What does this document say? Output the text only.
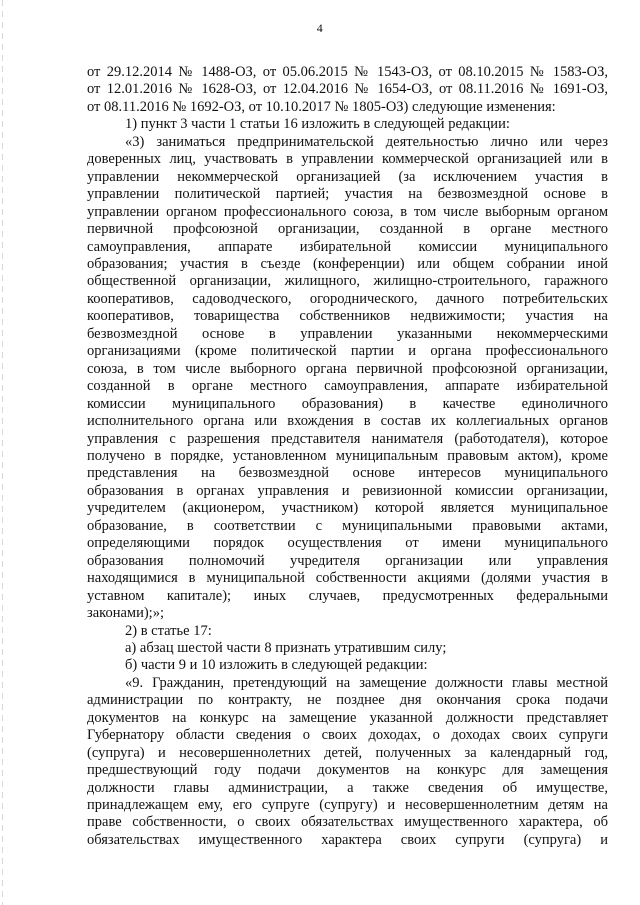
4

от 29.12.2014 № 1488-ОЗ, от 05.06.2015 № 1543-ОЗ, от 08.10.2015 № 1583-ОЗ,
от 12.01.2016 № 1628-ОЗ, от 12.04.2016 № 1654-ОЗ, от 08.11.2016 № 1691-ОЗ,
от 08.11.2016 № 1692-ОЗ, от 10.10.2017 № 1805-ОЗ) следующие изменения:

1) пункт 3 части 1 статьи 16 изложить в следующей редакции:

«3) заниматься предпринимательской деятельностью лично или через
доверенных лиц, участвовать в управлении коммерческой организацией или в
управлении некоммерческой организацией (за исключением участия в
управлении политической партией; участия на безвозмездной основе в
управлении органом профессионального союза, в том числе выборным органом
первичной профсоюзной организации, созданной в органе местного
самоуправления, аппарате избирательной комиссии муниципального
образования; участия в съезде (конференции) или общем собрании иной
общественной организации, жилищного, жилищно-строительного, гаражного
кооперативов, садоводческого, огороднического, дачного потребительских
кооперативов, товарищества собственников недвижимости; участия на
безвозмездной основе в управлении указанными некоммерческими
организациями (кроме политической партии и органа профессионального
союза, в том числе выборного органа первичной профсоюзной организации,
созданной в органе местного самоуправления, аппарате избирательной
комиссии муниципального образования) в качестве единоличного
исполнительного органа или вхождения в состав их коллегиальных органов
управления с разрешения представителя нанимателя (работодателя), которое
получено в порядке, установленном муниципальным правовым актом), кроме
представления на безвозмездной основе интересов муниципального
образования в органах управления и ревизионной комиссии организации,
учредителем (акционером, участником) которой является муниципальное
образование, в соответствии с муниципальными правовыми актами,
определяющими порядок осуществления от имени муниципального
образования полномочий учредителя организации или управления
находящимися в муниципальной собственности акциями (долями участия в
уставном капитале); иных случаев, предусмотренных федеральными
законами);»;

2) в статье 17:

а) абзац шестой части 8 признать утратившим силу;

б) части 9 и 10 изложить в следующей редакции:

«9. Гражданин, претендующий на замещение должности главы местной
администрации по контракту, не позднее дня окончания срока подачи
документов на конкурс на замещение указанной должности представляет
Губернатору области сведения о своих доходах, о доходах своих супруги
(супруга) и несовершеннолетних детей, полученных за календарный год,
предшествующий году подачи документов на конкурс для замещения
должности главы администрации, а также сведения об имуществе,
принадлежащем ему, его супруге (супругу) и несовершеннолетним детям на
праве собственности, о своих обязательствах имущественного характера, об
обязательствах имущественного характера своих супруги (супруга) и
